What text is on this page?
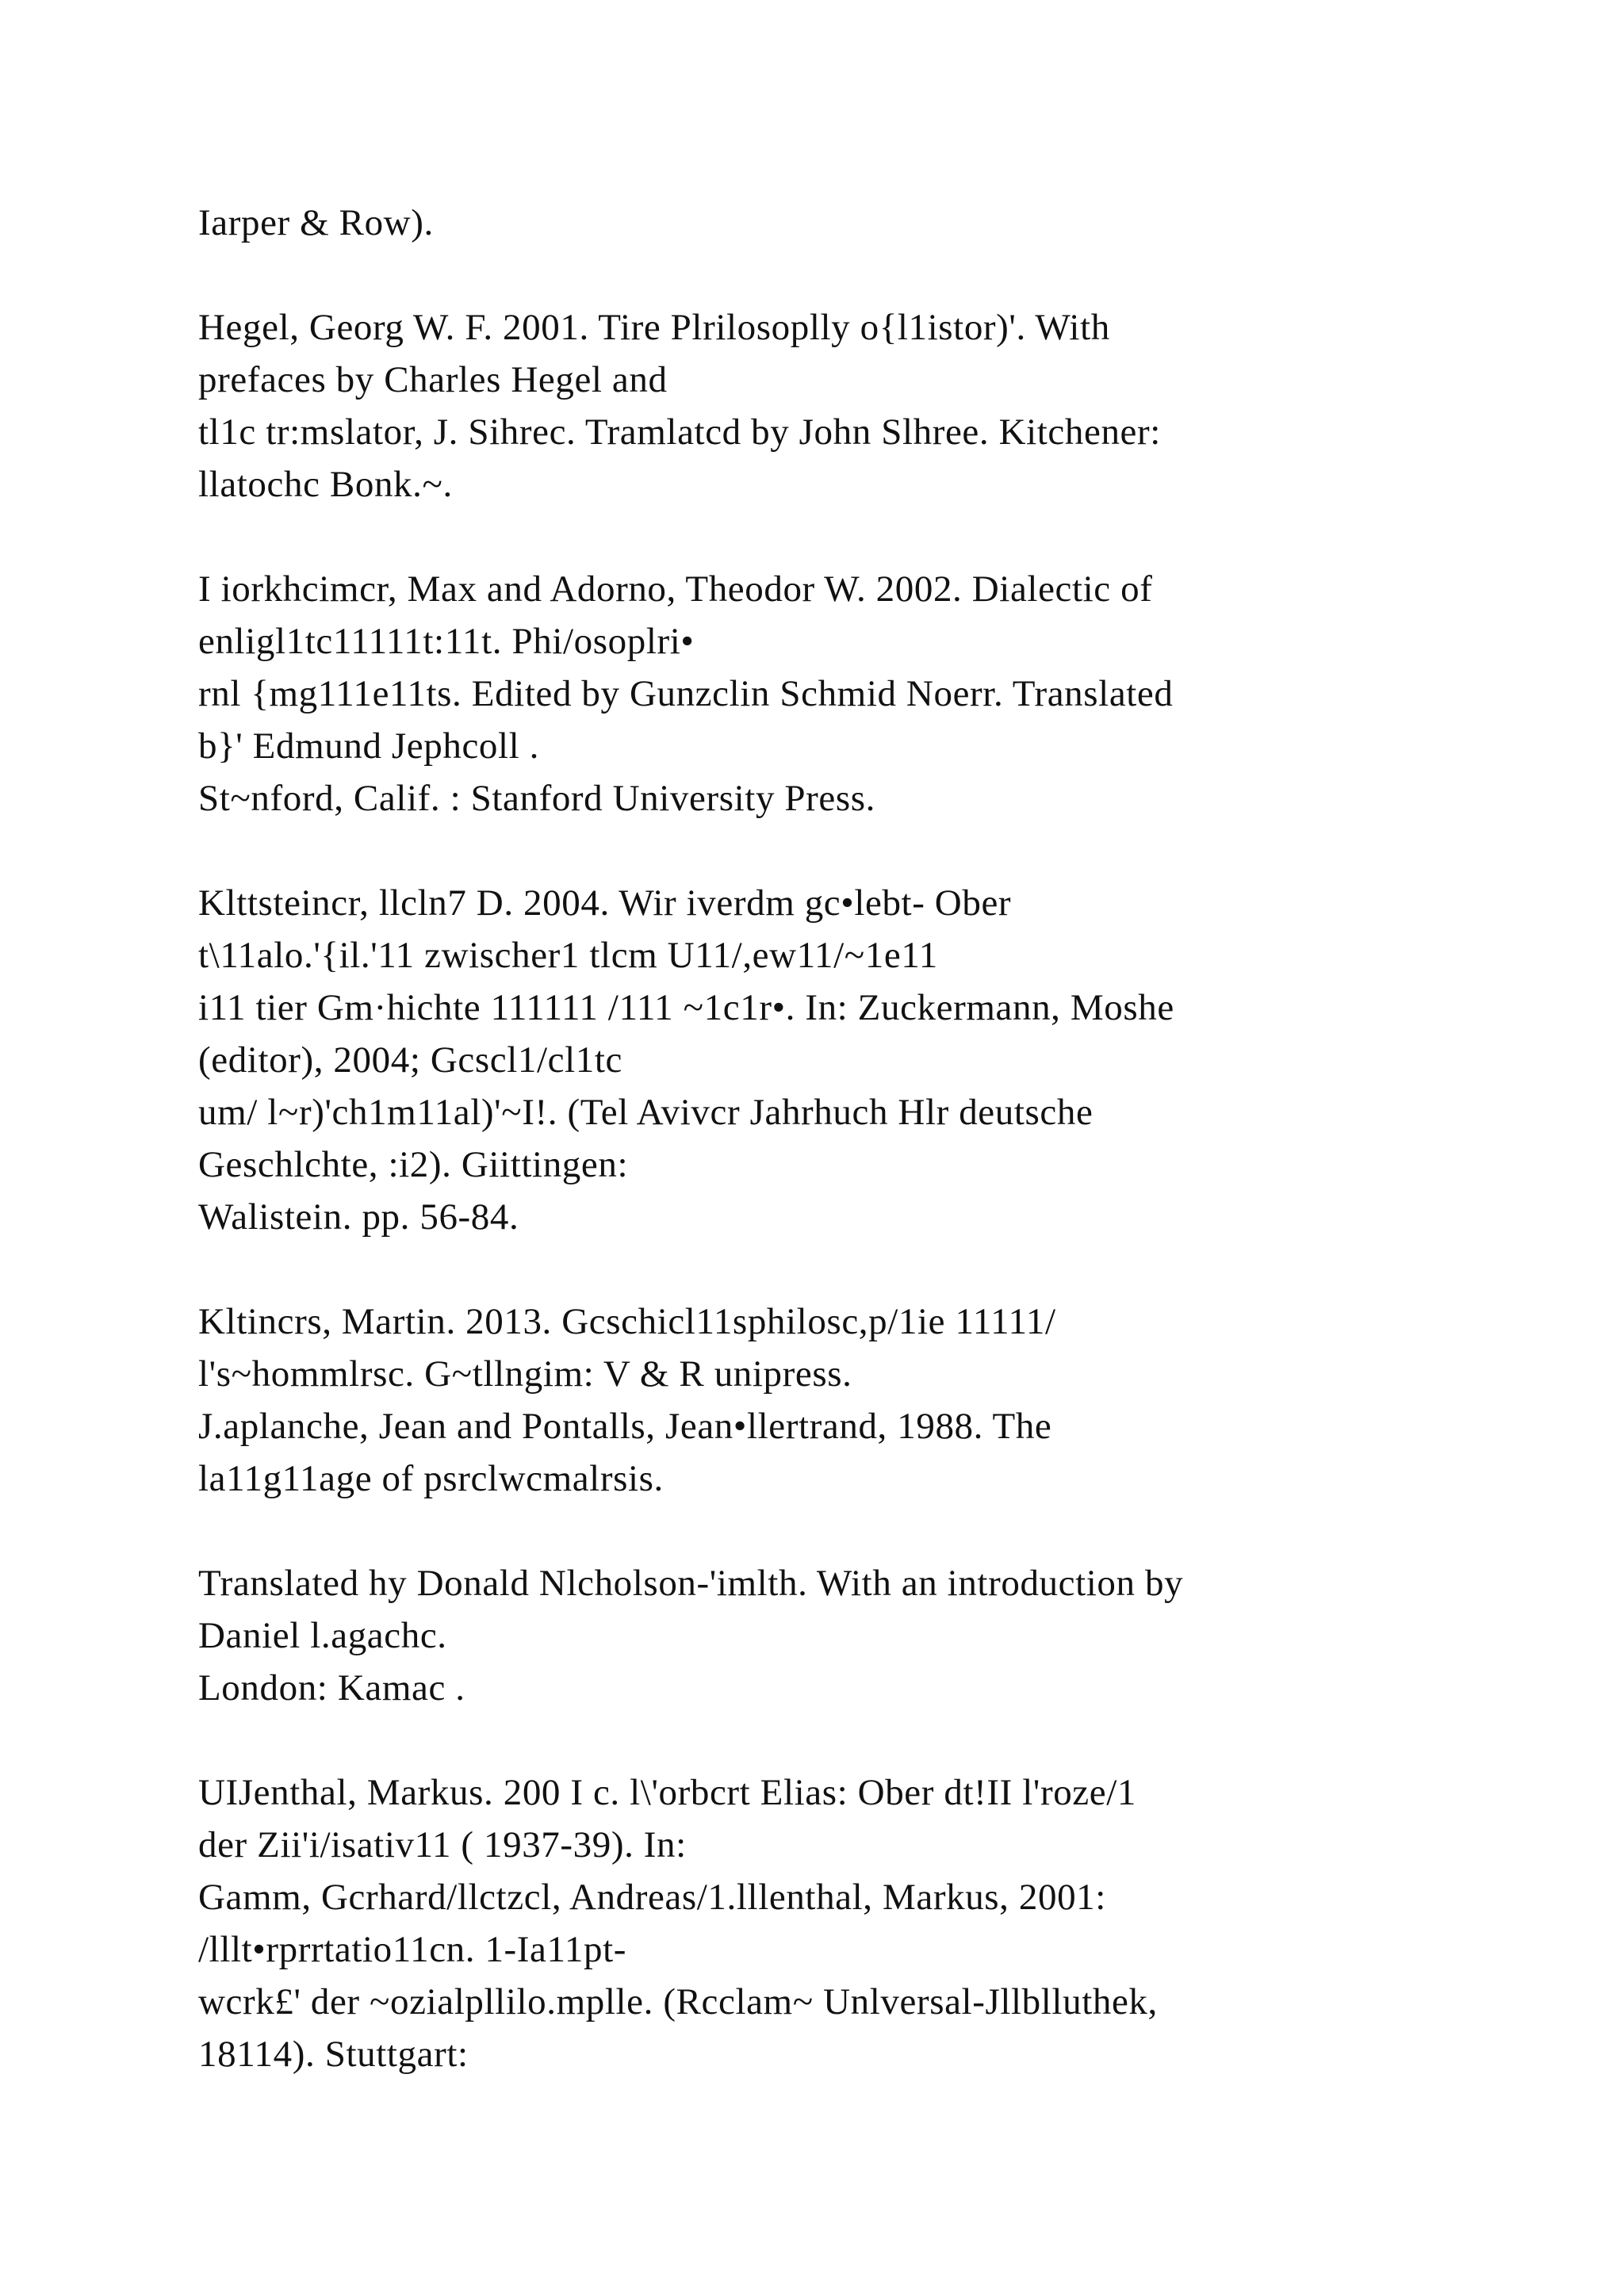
Iarper & Row).

Hegel, Georg W. F. 2001. Tire Plrilosoplly o{l1istor)'. With
prefaces by Charles Hegel and
tl1c tr:mslator, J. Sihrec. Tramlatcd by John Slhree. Kitchener:
llatochc Bonk.~.

I iorkhcimcr, Max and Adorno, Theodor W. 2002. Dialectic of
enligl1tc11111t:11t. Phi/osoplri•
rnl {mg111e11ts. Edited by Gunzclin Schmid Noerr. Translated
b}' Edmund Jephcoll .
St~nford, Calif. : Stanford University Press.

Klttsteincr, llcln7 D. 2004. Wir iverdm gc•lebt- Ober
t\11alo.'{il.'11 zwischer1 tlcm U11/,ew11/~1e11
i11 tier Gm·hichte 111111 /111 ~1c1r•. In: Zuckermann, Moshe
(editor), 2004; Gcscl1/cl1tc
um/ l~r)'ch1m11al)'~I!. (Tel Avivcr Jahrhuch Hlr deutsche
Geschlchte, :i2). Giittingen:
Walistein. pp. 56-84.

Kltincrs, Martin. 2013. Gcschicl11sphilosc,p/1ie 11111/
l's~hommlrsc. G~tllngim: V & R unipress.
J.aplanche, Jean and Pontalls, Jean•llertrand, 1988. The
la11g11age of psrclwcmalrsis.

Translated hy Donald Nlcholson-'imlth. With an introduction by
Daniel l.agachc.
London: Kamac .

UIJenthal, Markus. 200 I c. l\'orbcrt Elias: Ober dt!II l'roze/1
der Zii'i/isativ11 ( 1937-39). In:
Gamm, Gcrhard/llctzcl, Andreas/1.lllenthal, Markus, 2001:
/lllt•rprrtatio11cn. 1-Ia11pt-
wcrk£' der ~ozialpllilo.mplle. (Rcclam~ Unlversal-Jllblluthek,
18114). Stuttgart:
